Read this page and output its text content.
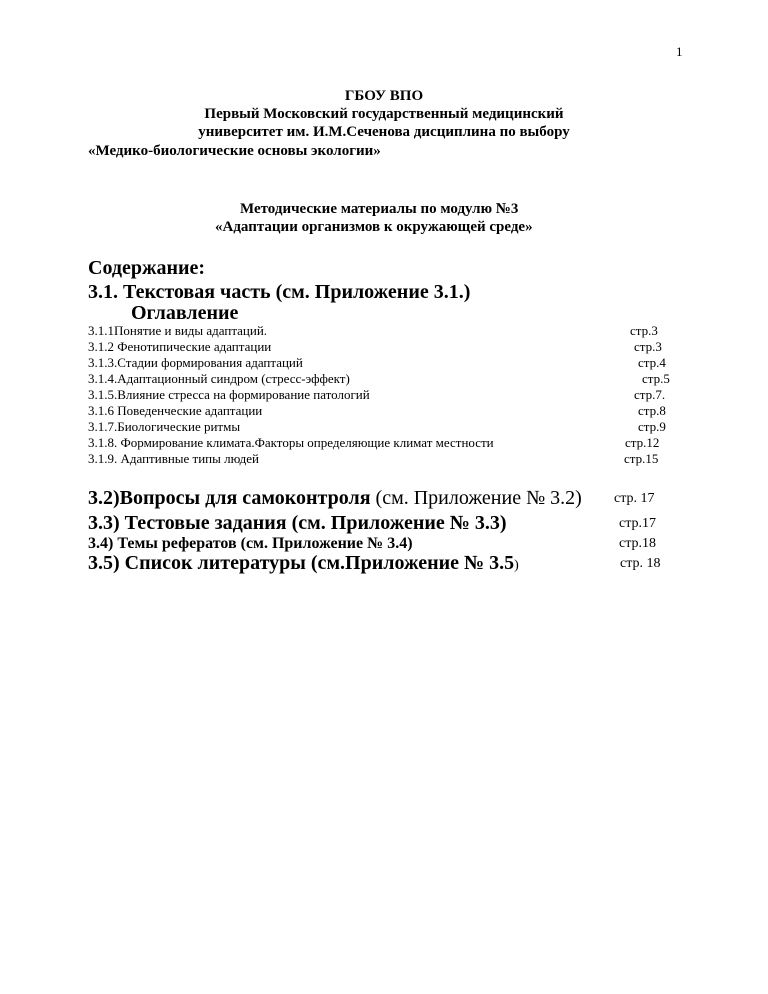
1
ГБОУ ВПО
Первый Московский государственный медицинский
университет им. И.М.Сеченова дисциплина по выбору
«Медико-биологические основы экологии»
Методические материалы по модулю №3
«Адаптации организмов к окружающей среде»
Содержание:
3.1. Текстовая часть (см. Приложение 3.1.)
Оглавление
3.1.1Понятие и виды адаптаций.	стр.3
3.1.2 Фенотипические адаптации	стр.3
3.1.3.Стадии формирования адаптаций	стр.4
3.1.4.Адаптационный синдром (стресс-эффект)	стр.5
3.1.5.Влияние стресса на формирование патологий	стр.7.
3.1.6 Поведенческие адаптации	стр.8
3.1.7.Биологические ритмы	стр.9
3.1.8. Формирование климата.Факторы определяющие климат местности	стр.12
3.1.9. Адаптивные типы людей	стр.15
3.2)Вопросы для самоконтроля (см. Приложение № 3.2) стр. 17
3.3) Тестовые задания (см. Приложение № 3.3)	стр.17
3.4) Темы рефератов (см. Приложение № 3.4)	стр.18
3.5) Список литературы (см.Приложение № 3.5)	стр. 18
